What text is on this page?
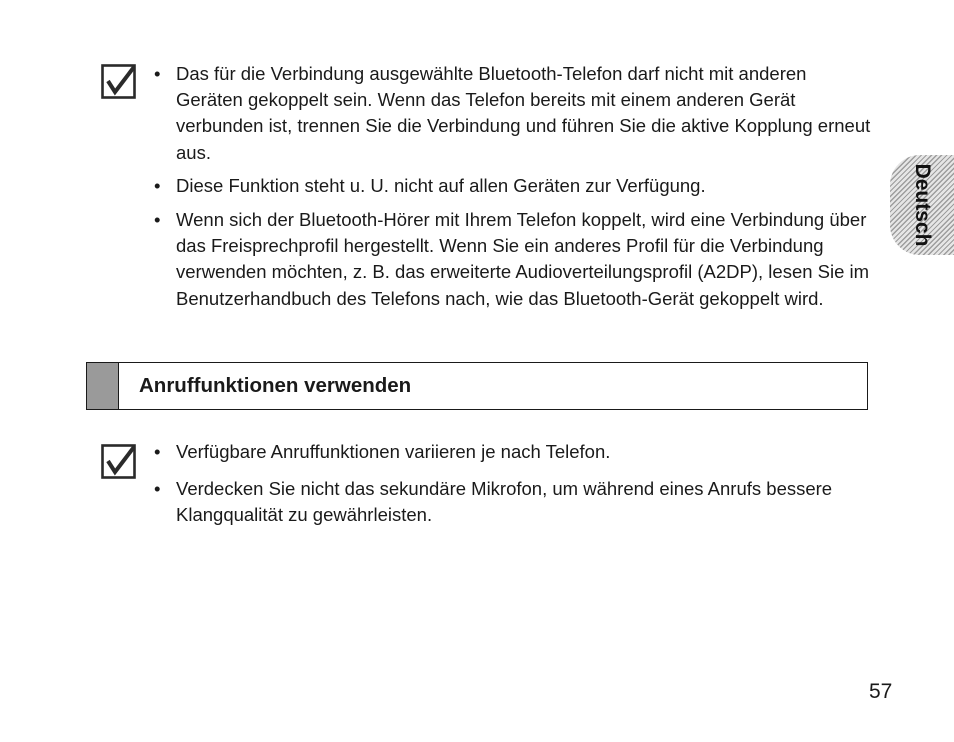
Deutsch
• Das für die Verbindung ausgewählte Bluetooth-Telefon darf nicht mit anderen Geräten gekoppelt sein. Wenn das Telefon bereits mit einem anderen Gerät verbunden ist, trennen Sie die Verbindung und führen Sie die aktive Kopplung erneut aus.
• Diese Funktion steht u. U. nicht auf allen Geräten zur Verfügung.
• Wenn sich der Bluetooth-Hörer mit Ihrem Telefon koppelt, wird eine Verbindung über das Freisprechprofil hergestellt. Wenn Sie ein anderes Profil für die Verbindung verwenden möchten, z. B. das erweiterte Audioverteilungsprofil (A2DP), lesen Sie im Benutzerhandbuch des Telefons nach, wie das Bluetooth-Gerät gekoppelt wird.
Anruffunktionen verwenden
• Verfügbare Anruffunktionen variieren je nach Telefon.
• Verdecken Sie nicht das sekundäre Mikrofon, um während eines Anrufs bessere Klangqualität zu gewährleisten.
57
